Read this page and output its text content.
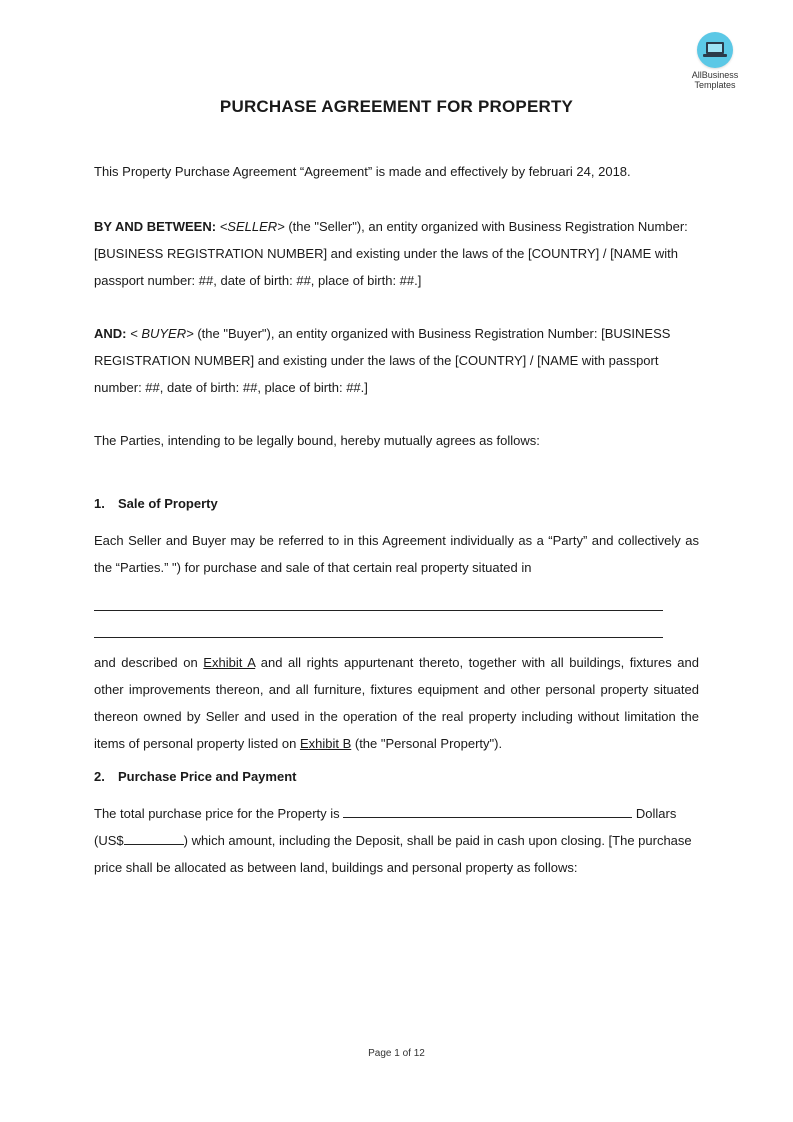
AllBusiness
Templates
PURCHASE AGREEMENT FOR PROPERTY

This Property Purchase Agreement “Agreement” is made and effectively by februari 24, 2018.

BY AND BETWEEN: <SELLER> (the "Seller"), an entity organized with Business Registration Number: [BUSINESS REGISTRATION NUMBER] and existing under the laws of the [COUNTRY] / [NAME with passport number: ##, date of birth: ##, place of birth: ##.]

AND: < BUYER> (the "Buyer"), an entity organized with Business Registration Number: [BUSINESS REGISTRATION NUMBER] and existing under the laws of the [COUNTRY] / [NAME with passport number: ##, date of birth: ##, place of birth: ##.]

The Parties, intending to be legally bound, hereby mutually agrees as follows:

1. Sale of Property

Each Seller and Buyer may be referred to in this Agreement individually as a “Party” and collectively as the “Parties.” ") for purchase and sale of that certain real property situated in

and described on Exhibit A and all rights appurtenant thereto, together with all buildings, fixtures and other improvements thereon, and all furniture, fixtures equipment and other personal property situated thereon owned by Seller and used in the operation of the real property including without limitation the items of personal property listed on Exhibit B (the "Personal Property").

2. Purchase Price and Payment

The total purchase price for the Property is	Dollars (US$	) which amount, including the Deposit, shall be paid in cash upon closing. [The purchase price shall be allocated as between land, buildings and personal property as follows:

Page 1 of 12
